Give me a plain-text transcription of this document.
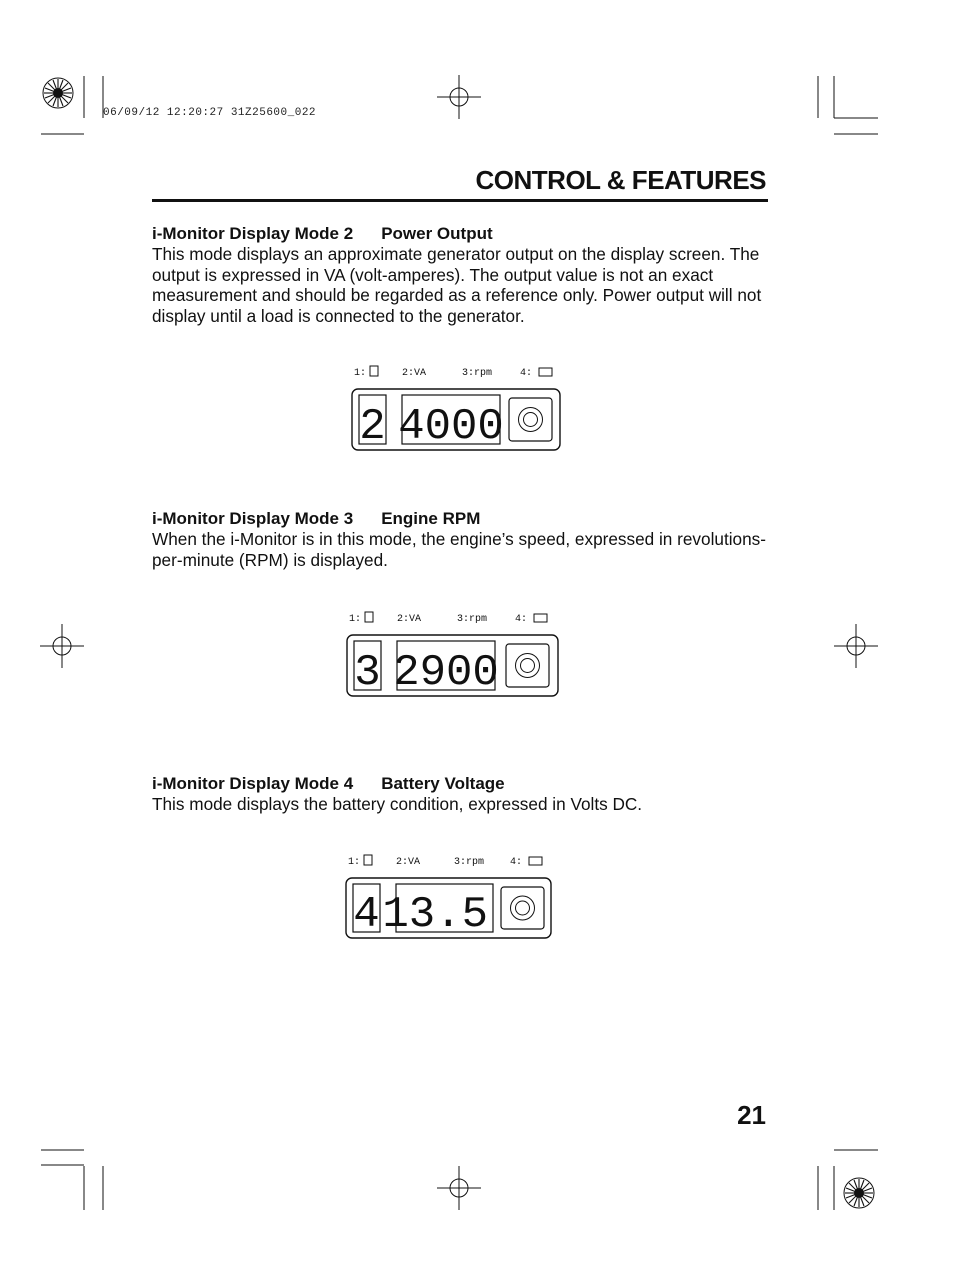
06/09/12 12:20:27 31Z25600_022
CONTROL & FEATURES
i-Monitor Display Mode 2 Power Output
This mode displays an approximate generator output on the display screen. The output is expressed in VA (volt-amperes). The output value is not an exact measurement and should be regarded as a reference only. Power output will not display until a load is connected to the generator.
1:	2:VA	3:rpm	4:
2 4000
i-Monitor Display Mode 3 Engine RPM
When the i-Monitor is in this mode, the engine’s speed, expressed in revolutions-per-minute (RPM) is displayed.
1:	2:VA	3:rpm	4:
3 2900
i-Monitor Display Mode 4 Battery Voltage
This mode displays the battery condition, expressed in Volts DC.
1:	2:VA	3:rpm	4:
4 13.5
21
